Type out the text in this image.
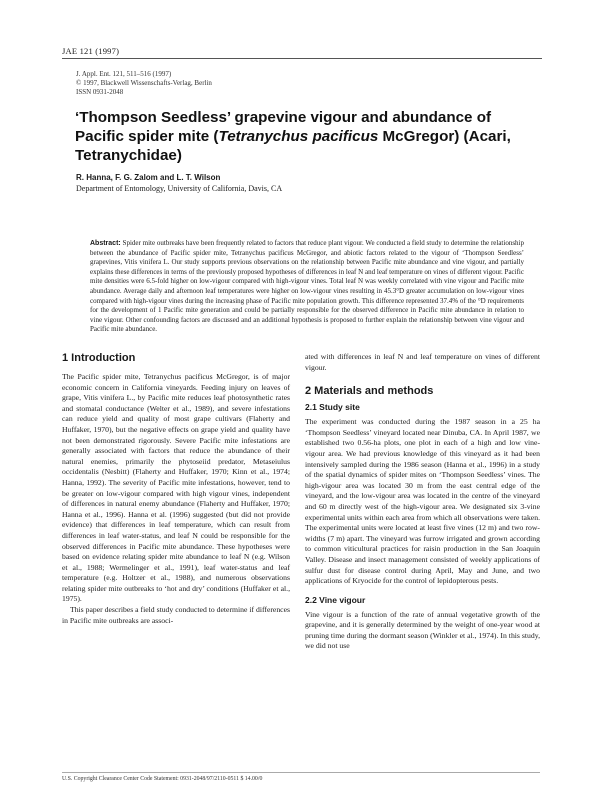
JAE 121 (1997)
J. Appl. Ent. 121, 511–516 (1997)
© 1997, Blackwell Wissenschafts-Verlag, Berlin
ISSN 0931-2048
‘Thompson Seedless’ grapevine vigour and abundance of Pacific spider mite (Tetranychus pacificus McGregor) (Acari, Tetranychidae)
R. Hanna, F. G. Zalom and L. T. Wilson
Department of Entomology, University of California, Davis, CA
Abstract: Spider mite outbreaks have been frequently related to factors that reduce plant vigour. We conducted a field study to determine the relationship between the abundance of Pacific spider mite, Tetranychus pacificus McGregor, and abiotic factors related to the vigour of ‘Thompson Seedless’ grapevines, Vitis vinifera L. Our study supports previous observations on the relationship between Pacific mite abundance and vine vigour, and partially explains these differences in terms of the previously proposed hypotheses of differences in leaf N and leaf temperature on vines of different vigour. Pacific mite densities were 6.5-fold higher on low-vigour compared with high-vigour vines. Total leaf N was weekly correlated with vine vigour and Pacific mite abundance. Average daily and afternoon leaf temperatures were higher on low-vigour vines resulting in 45.3°D greater accumulation on low-vigour vines compared with high-vigour vines during the increasing phase of Pacific mite population growth. This difference represented 37.4% of the °D requirements for the development of 1 Pacific mite generation and could be partially responsible for the observed difference in Pacific mite abundance in relation to vine vigour. Other confounding factors are discussed and an additional hypothesis is proposed to further explain the relationship between vine vigour and Pacific mite abundance.
1 Introduction

The Pacific spider mite, Tetranychus pacificus McGregor, is of major economic concern in California vineyards. Feeding injury on leaves of grape, Vitis vinifera L., by Pacific mite reduces leaf photosynthetic rates and stomatal conductance (Welter et al., 1989), and severe infestations can reduce yield and quality of most grape cultivars (Flaherty and Huffaker, 1970), but the negative effects on grape yield and quality have not been demonstrated rigorously. Severe Pacific mite infestations are generally associated with factors that reduce the abundance of their natural enemies, primarily the phytoseiid predator, Metaseiulus occidentalis (Nesbitt) (Flaherty and Huffaker, 1970; Kinn et al., 1974; Hanna, 1992). The severity of Pacific mite infestations, however, tend to be greater on low-vigour compared with high vigour vines, independent of differences in natural enemy abundance (Flaherty and Huffaker, 1970; Hanna et al., 1996). Hanna et al. (1996) suggested (but did not provide evidence) that differences in leaf temperature, which can result from differences in leaf water-status, and leaf N could be responsible for the observed differences in Pacific mite abundance. These hypotheses were based on evidence relating spider mite abundance to leaf N (e.g. Wilson et al., 1988; Wermelinger et al., 1991), leaf water-status and leaf temperature (e.g. Holtzer et al., 1988), and numerous observations relating spider mite outbreaks to ‘hot and dry’ conditions (Huffaker et al., 1975).

This paper describes a field study conducted to determine if differences in Pacific mite outbreaks are associ-

ated with differences in leaf N and leaf temperature on vines of different vigour.

2 Materials and methods
2.1 Study site

The experiment was conducted during the 1987 season in a 25 ha ‘Thompson Seedless’ vineyard located near Dinuba, CA. In April 1987, we established two 0.56-ha plots, one plot in each of a high and low vine-vigour area. We had previous knowledge of this vineyard as it had been intensively sampled during the 1986 season (Hanna et al., 1996) in a study of the spatial dynamics of spider mites on ‘Thompson Seedless’ vines. The high-vigour area was located 30 m from the east central edge of the vineyard, and the low-vigour area was located in the centre of the vineyard and 60 m directly west of the high-vigour area. We designated six 3-vine experimental units within each area from which all observations were taken. The experimental units were located at least five vines (12 m) and two row-widths (7 m) apart. The vineyard was furrow irrigated and grown according to common viticultural practices for raisin production in the San Joaquin Valley. Disease and insect management consisted of weekly applications of sulfur dust for disease control during April, May and June, and two applications of Kryocide for the control of lepidopterous pests.

2.2 Vine vigour

Vine vigour is a function of the rate of annual vegetative growth of the grapevine, and it is generally determined by the weight of one-year wood at pruning time during the dormant season (Winkler et al., 1974). In this study, we did not use

U.S. Copyright Clearance Center Code Statement: 0931-2048/97/2110-0511 $ 14.00/0
